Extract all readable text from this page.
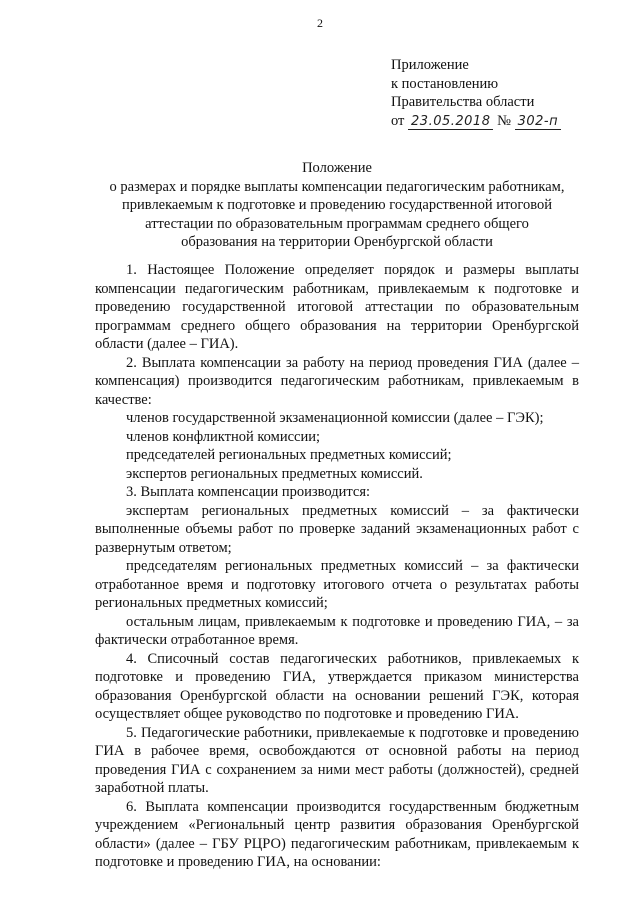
2
Приложение
к постановлению
Правительства области
от 23.05.2018 № 302-п
Положение
о размерах и порядке выплаты компенсации педагогическим работникам,
привлекаемым к подготовке и проведению государственной итоговой
аттестации по образовательным программам среднего общего
образования на территории Оренбургской области

1. Настоящее Положение определяет порядок и размеры выплаты компенсации педагогическим работникам, привлекаемым к подготовке и проведению государственной итоговой аттестации по образовательным программам среднего общего образования на территории Оренбургской области (далее – ГИА).

2. Выплата компенсации за работу на период проведения ГИА (далее – компенсация) производится педагогическим работникам, привлекаемым в качестве:

членов государственной экзаменационной комиссии (далее – ГЭК);

членов конфликтной комиссии;

председателей региональных предметных комиссий;

экспертов региональных предметных комиссий.

3. Выплата компенсации производится:

экспертам региональных предметных комиссий – за фактически выполненные объемы работ по проверке заданий экзаменационных работ с развернутым ответом;

председателям региональных предметных комиссий – за фактически отработанное время и подготовку итогового отчета о результатах работы региональных предметных комиссий;

остальным лицам, привлекаемым к подготовке и проведению ГИА, – за фактически отработанное время.

4. Списочный состав педагогических работников, привлекаемых к подготовке и проведению ГИА, утверждается приказом министерства образования Оренбургской области на основании решений ГЭК, которая осуществляет общее руководство по подготовке и проведению ГИА.

5. Педагогические работники, привлекаемые к подготовке и проведению ГИА в рабочее время, освобождаются от основной работы на период проведения ГИА с сохранением за ними мест работы (должностей), средней заработной платы.

6. Выплата компенсации производится государственным бюджетным учреждением «Региональный центр развития образования Оренбургской области» (далее – ГБУ РЦРО) педагогическим работникам, привлекаемым к подготовке и проведению ГИА, на основании:
